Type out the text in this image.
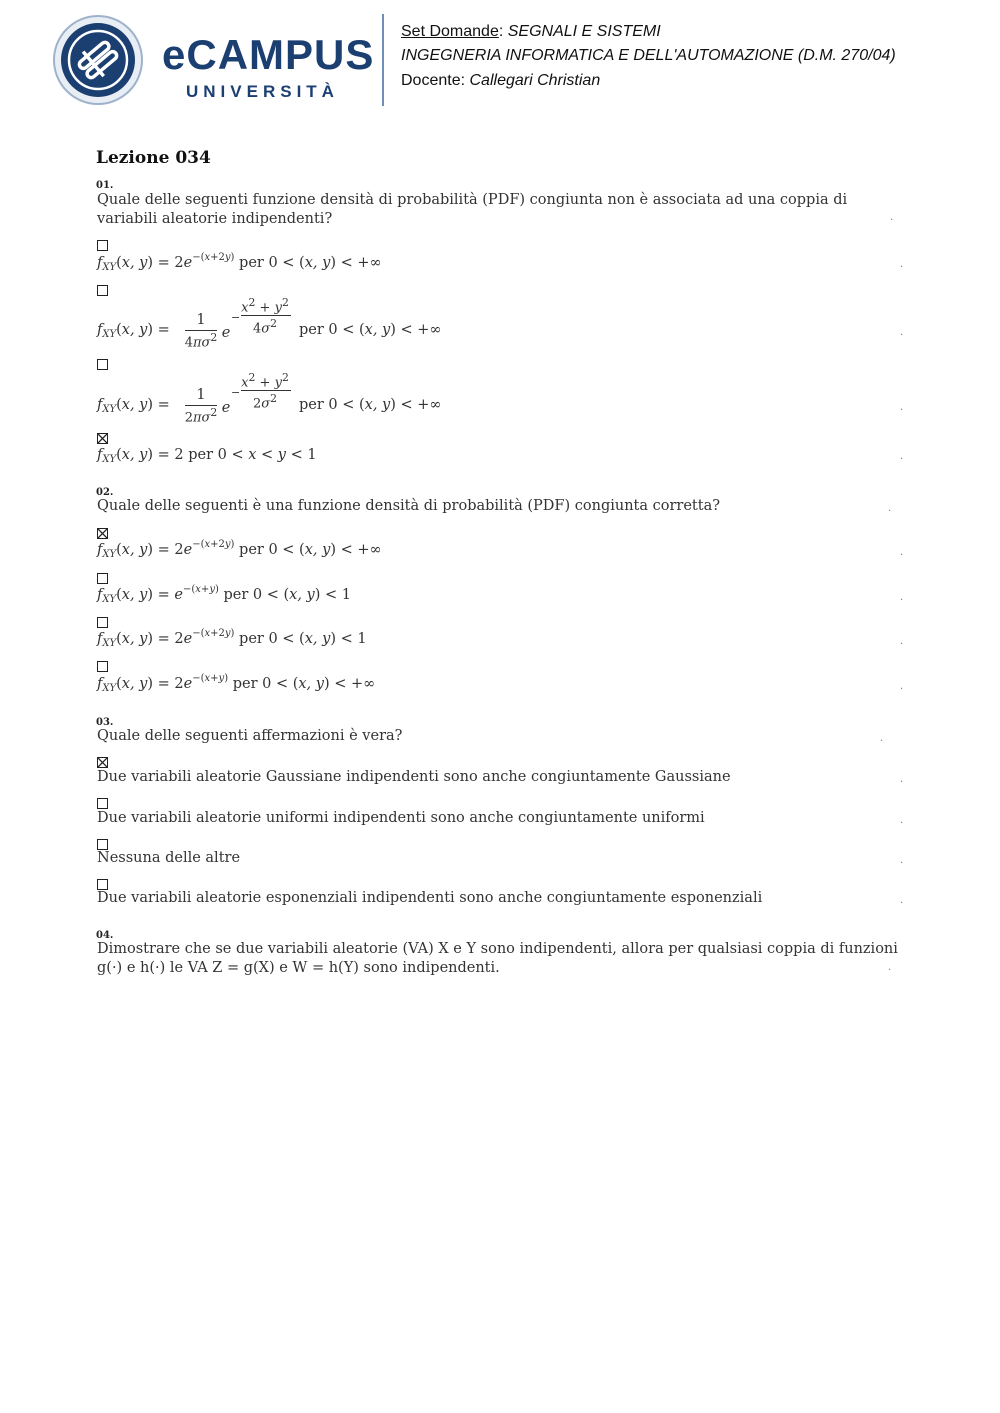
eCAMPUS
UNIVERSITÀ
Set Domande: SEGNALI E SISTEMI
INGEGNERIA INFORMATICA E DELL'AUTOMAZIONE (D.M. 270/04)
Docente: Callegari Christian
Lezione 034
01.
Quale delle seguenti funzione densità di probabilità (PDF) congiunta non è associata ad una coppia di variabili aleatorie indipendenti?	.
$f_{XY}(x$, $y) = 2e^{-(x+2y)}$ per 0 < (x, y) < +∞	.
$f_{XY}(x$, y) =
1
$4\pi\sigma^2$ e
−
$x^2 + y^2$
$4\sigma^2$	per 0 < (x, y) < +∞	.
$f_{XY}(x$, y) =
1
$2\pi\sigma^2$ e
−
$x^2 + y^2$
$2\sigma^2$	per 0 < (x, y) < +∞	.
$f_{XY}(x$, y) = 2 per 0 < x < y < 1	.
02.
Quale delle seguenti è una funzione densità di probabilità (PDF) congiunta corretta?	.
$f_{XY}(x$, $y) = 2e^{-(x+2y)}$ per 0 < (x, y) < +∞	.
$f_{XY}(x$, $y) = e^{-(x+y)}$ per 0 < (x, y) < 1	.
$f_{XY}(x$, $y) = 2e^{-(x+2y)}$ per 0 < (x, y) < 1	.
$f_{XY}(x$, $y) = 2e^{-(x+y)}$ per 0 < (x, y) < +∞	.
03.
Quale delle seguenti affermazioni è vera?	.
Due variabili aleatorie Gaussiane indipendenti sono anche congiuntamente Gaussiane	.
Due variabili aleatorie uniformi indipendenti sono anche congiuntamente uniformi	.
Nessuna delle altre	.
Due variabili aleatorie esponenziali indipendenti sono anche congiuntamente esponenziali	.
04.
Dimostrare che se due variabili aleatorie (VA) X e Y sono indipendenti, allora per qualsiasi coppia di funzioni g(·) e h(·) le VA Z = g(X) e W = h(Y) sono indipendenti.	.
